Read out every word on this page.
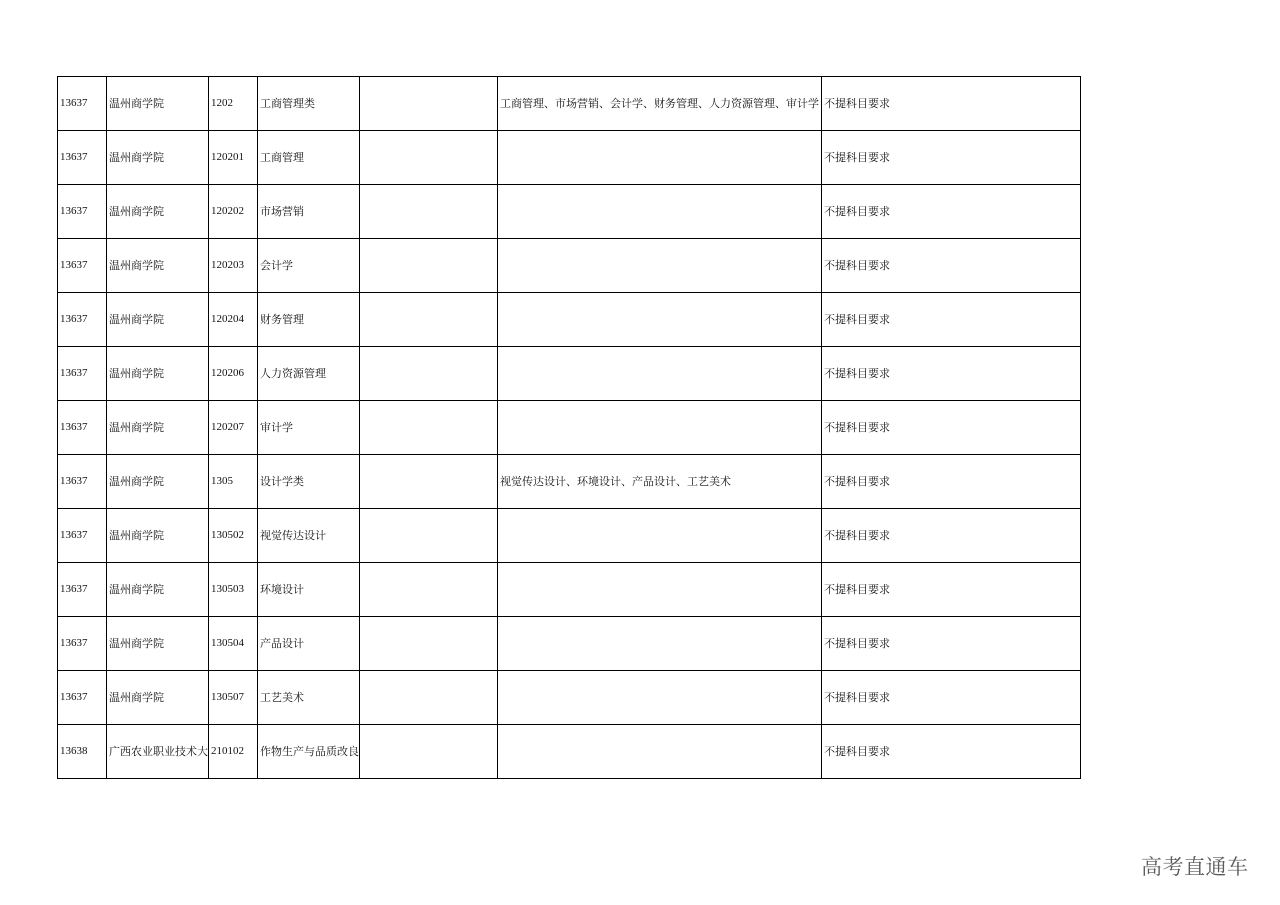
13637	温州商学院	1202	工商管理类		工商管理、市场营销、会计学、财务管理、人力资源管理、审计学	不提科目要求
13637	温州商学院	120201	工商管理			不提科目要求
13637	温州商学院	120202	市场营销			不提科目要求
13637	温州商学院	120203	会计学			不提科目要求
13637	温州商学院	120204	财务管理			不提科目要求
13637	温州商学院	120206	人力资源管理			不提科目要求
13637	温州商学院	120207	审计学			不提科目要求
13637	温州商学院	1305	设计学类		视觉传达设计、环境设计、产品设计、工艺美术	不提科目要求
13637	温州商学院	130502	视觉传达设计			不提科目要求
13637	温州商学院	130503	环境设计			不提科目要求
13637	温州商学院	130504	产品设计			不提科目要求
13637	温州商学院	130507	工艺美术			不提科目要求
13638	广西农业职业技术大	210102	作物生产与品质改良			不提科目要求
高考直通车
